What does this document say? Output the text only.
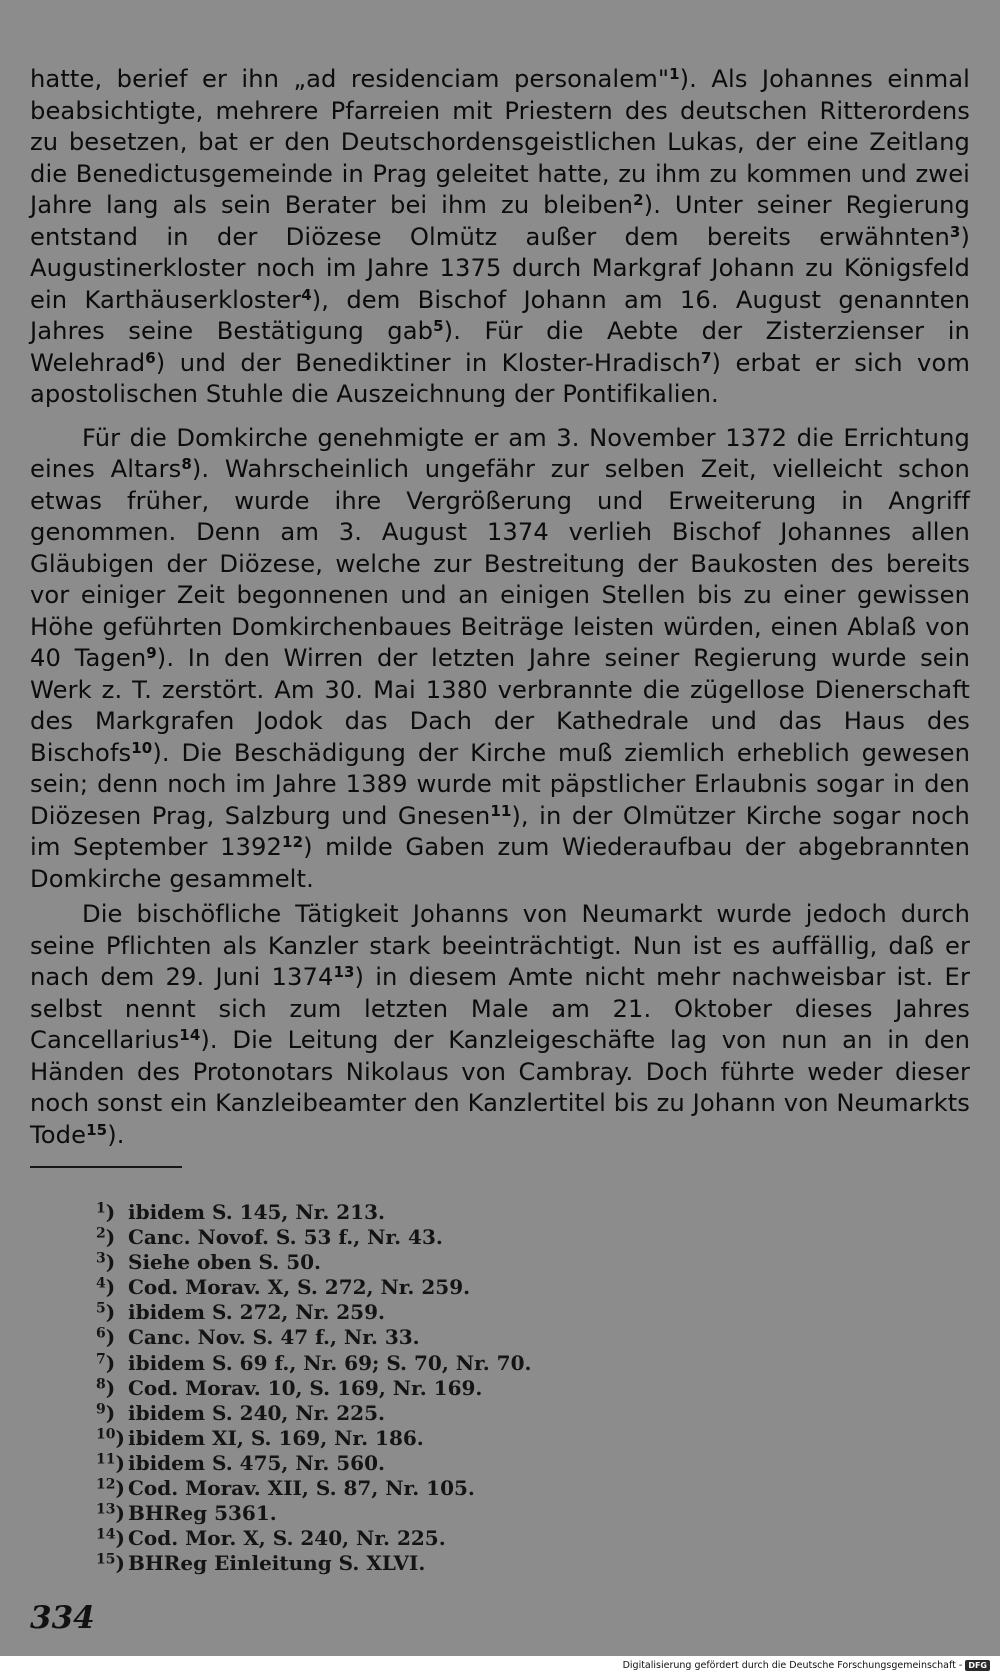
hatte, berief er ihn „ad residenciam personalem"$^1$). Als Johannes einmal beabsichtigte, mehrere Pfarreien mit Priestern des deutschen Ritterordens zu besetzen, bat er den Deutschordensgeistlichen Lukas, der eine Zeitlang die Benedictusgemeinde in Prag geleitet hatte, zu ihm zu kommen und zwei Jahre lang als sein Berater bei ihm zu bleiben$^2$). Unter seiner Regierung entstand in der Diözese Olmütz außer dem bereits erwähnten$^3$) Augustinerkloster noch im Jahre 1375 durch Markgraf Johann zu Königsfeld ein Karthäuserkloster$^4$), dem Bischof Johann am 16. August genannten Jahres seine Bestätigung gab$^5$). Für die Aebte der Zisterzienser in Welehrad$^6$) und der Benediktiner in Kloster-Hradisch$^7$) erbat er sich vom apostolischen Stuhle die Auszeichnung der Pontifikalien.

Für die Domkirche genehmigte er am 3. November 1372 die Errichtung eines Altars$^8$). Wahrscheinlich ungefähr zur selben Zeit, vielleicht schon etwas früher, wurde ihre Vergrößerung und Erweiterung in Angriff genommen. Denn am 3. August 1374 verlieh Bischof Johannes allen Gläubigen der Diözese, welche zur Bestreitung der Baukosten des bereits vor einiger Zeit begonnenen und an einigen Stellen bis zu einer gewissen Höhe geführten Domkirchenbaues Beiträge leisten würden, einen Ablaß von 40 Tagen$^9$). In den Wirren der letzten Jahre seiner Regierung wurde sein Werk z. T. zerstört. Am 30. Mai 1380 verbrannte die zügellose Dienerschaft des Markgrafen Jodok das Dach der Kathedrale und das Haus des Bischofs$^{10}$). Die Beschädigung der Kirche muß ziemlich erheblich gewesen sein; denn noch im Jahre 1389 wurde mit päpstlicher Erlaubnis sogar in den Diözesen Prag, Salzburg und Gnesen$^{11}$), in der Olmützer Kirche sogar noch im September 1392$^{12}$) milde Gaben zum Wiederaufbau der abgebrannten Domkirche gesammelt.

Die bischöfliche Tätigkeit Johanns von Neumarkt wurde jedoch durch seine Pflichten als Kanzler stark beeinträchtigt. Nun ist es auffällig, daß er nach dem 29. Juni 1374$^{13}$) in diesem Amte nicht mehr nachweisbar ist. Er selbst nennt sich zum letzten Male am 21. Oktober dieses Jahres Cancellarius$^{14}$). Die Leitung der Kanzleigeschäfte lag von nun an in den Händen des Protonotars Nikolaus von Cambray. Doch führte weder dieser noch sonst ein Kanzleibeamter den Kanzlertitel bis zu Johann von Neumarkts Tode$^{15}$).

$^1$) ibidem S. 145, Nr. 213.
$^2$) Canc. Novof. S. 53 f., Nr. 43.
$^3$) Siehe oben S. 50.
$^4$) Cod. Morav. X, S. 272, Nr. 259.
$^5$) ibidem S. 272, Nr. 259.
$^6$) Canc. Nov. S. 47 f., Nr. 33.
$^7$) ibidem S. 69 f., Nr. 69; S. 70, Nr. 70.
$^8$) Cod. Morav. 10, S. 169, Nr. 169.
$^9$) ibidem S. 240, Nr. 225.
$^{10}$) ibidem XI, S. 169, Nr. 186.
$^{11}$) ibidem S. 475, Nr. 560.
$^{12}$) Cod. Morav. XII, S. 87, Nr. 105.
$^{13}$) BHReg 5361.
$^{14}$) Cod. Mor. X, S. 240, Nr. 225.
$^{15}$) BHReg Einleitung S. XLVI.
334
Digitalisierung gefördert durch die Deutsche Forschungsgemeinschaft - DFG
